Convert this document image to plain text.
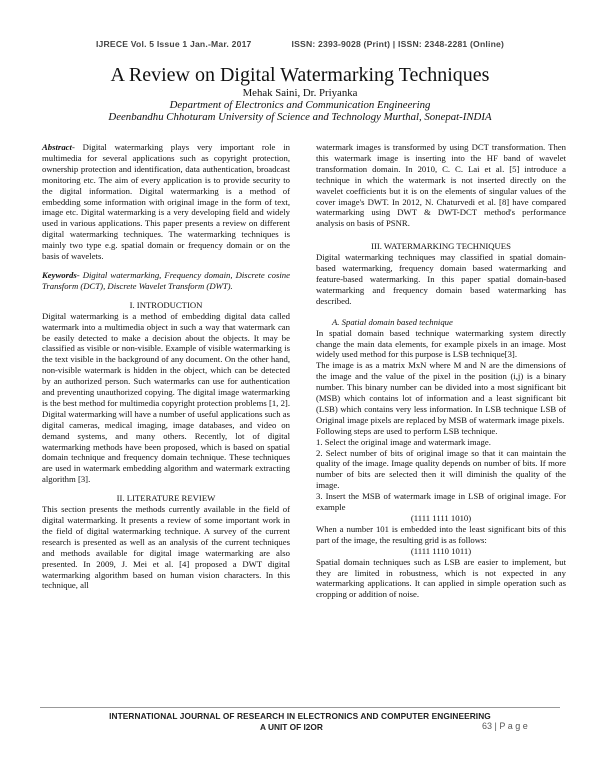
IJRECE Vol. 5 Issue 1 Jan.-Mar. 2017	ISSN: 2393-9028 (Print) | ISSN: 2348-2281 (Online)
A Review on Digital Watermarking Techniques
Mehak Saini, Dr. Priyanka
Department of Electronics and Communication Engineering
Deenbandhu Chhoturam University of Science and Technology Murthal, Sonepat-INDIA

Abstract- Digital watermarking plays very important role in multimedia for several applications such as copyright protection, ownership protection and identification, data authentication, broadcast monitoring etc. The aim of every application is to provide security to the digital information. Digital watermarking is a method of embedding some information with original image in the form of text, image etc. Digital watermarking is a very developing field and widely used in various applications. This paper presents a review on different digital watermarking techniques. The watermarking techniques is mainly two type e.g. spatial domain or frequency domain or on the basis of wavelets.

Keywords- Digital watermarking, Frequency domain, Discrete cosine Transform (DCT), Discrete Wavelet Transform (DWT).

I. INTRODUCTION

Digital watermarking is a method of embedding digital data called watermark into a multimedia object in such a way that watermark can be easily detected to make a decision about the objects. It may be classified as visible or non-visible. Example of visible watermarking is the text visible in the background of any document. On the other hand, non-visible watermark is hidden in the object, which can be detected by an authorized person. Such watermarks can use for authentication and preventing unauthorized copying. The digital image watermarking is the best method for multimedia copyright protection problems [1, 2]. Digital watermarking will have a number of useful applications such as digital cameras, medical imaging, image databases, and video on demand systems, and many others. Recently, lot of digital watermarking methods have been proposed, which is based on spatial domain technique and frequency domain technique. These techniques are used in watermark embedding algorithm and watermark extracting algorithm [3].

II. LITERATURE REVIEW

This section presents the methods currently available in the field of digital watermarking. It presents a review of some important work in the field of digital watermarking technique. A survey of the current research is presented as well as an analysis of the current techniques and methods available for digital image watermarking are also presented. In 2009, J. Mei et al. [4] proposed a DWT digital watermarking algorithm based on human vision characters. In this technique, all

watermark images is transformed by using DCT transformation. Then this watermark image is inserting into the HF band of wavelet transformation domain. In 2010, C. C. Lai et al. [5] introduce a technique in which the watermark is not inserted directly on the wavelet coefficients but it is on the elements of singular values of the cover image's DWT. In 2012, N. Chaturvedi et al. [8] have compared watermarking using DWT & DWT-DCT method's performance analysis on basis of PSNR.

III. WATERMARKING TECHNIQUES

Digital watermarking techniques may classified in spatial domain-based watermarking, frequency domain based watermarking and feature-based watermarking. In this paper spatial domain-based watermarking and frequency domain based watermarking has described.

A. Spatial domain based technique

In spatial domain based technique watermarking system directly change the main data elements, for example pixels in an image. Most widely used method for this purpose is LSB technique[3].

The image is as a matrix MxN where M and N are the dimensions of the image and the value of the pixel in the position (i,j) is a binary number. This binary number can be divided into a most significant bit (MSB) which contains lot of information and a least significant bit (LSB) which contains very less information. In LSB technique LSB of Original image pixels are replaced by MSB of watermark image pixels.

Following steps are used to perform LSB technique.

1. Select the original image and watermark image.

2. Select number of bits of original image so that it can maintain the quality of the image. Image quality depends on number of bits. If more number of bits are selected then it will diminish the quality of the image.

3. Insert the MSB of watermark image in LSB of original image. For example

(1111 1111 1010)

When a number 101 is embedded into the least significant bits of this part of the image, the resulting grid is as follows:

(1111 1110 1011)

Spatial domain techniques such as LSB are easier to implement, but they are limited in robustness, which is not expected in any watermarking applications. It can applied in simple operation such as cropping or addition of noise.

INTERNATIONAL JOURNAL OF RESEARCH IN ELECTRONICS AND COMPUTER ENGINEERING
A UNIT OF I2OR	63 | P a g e
